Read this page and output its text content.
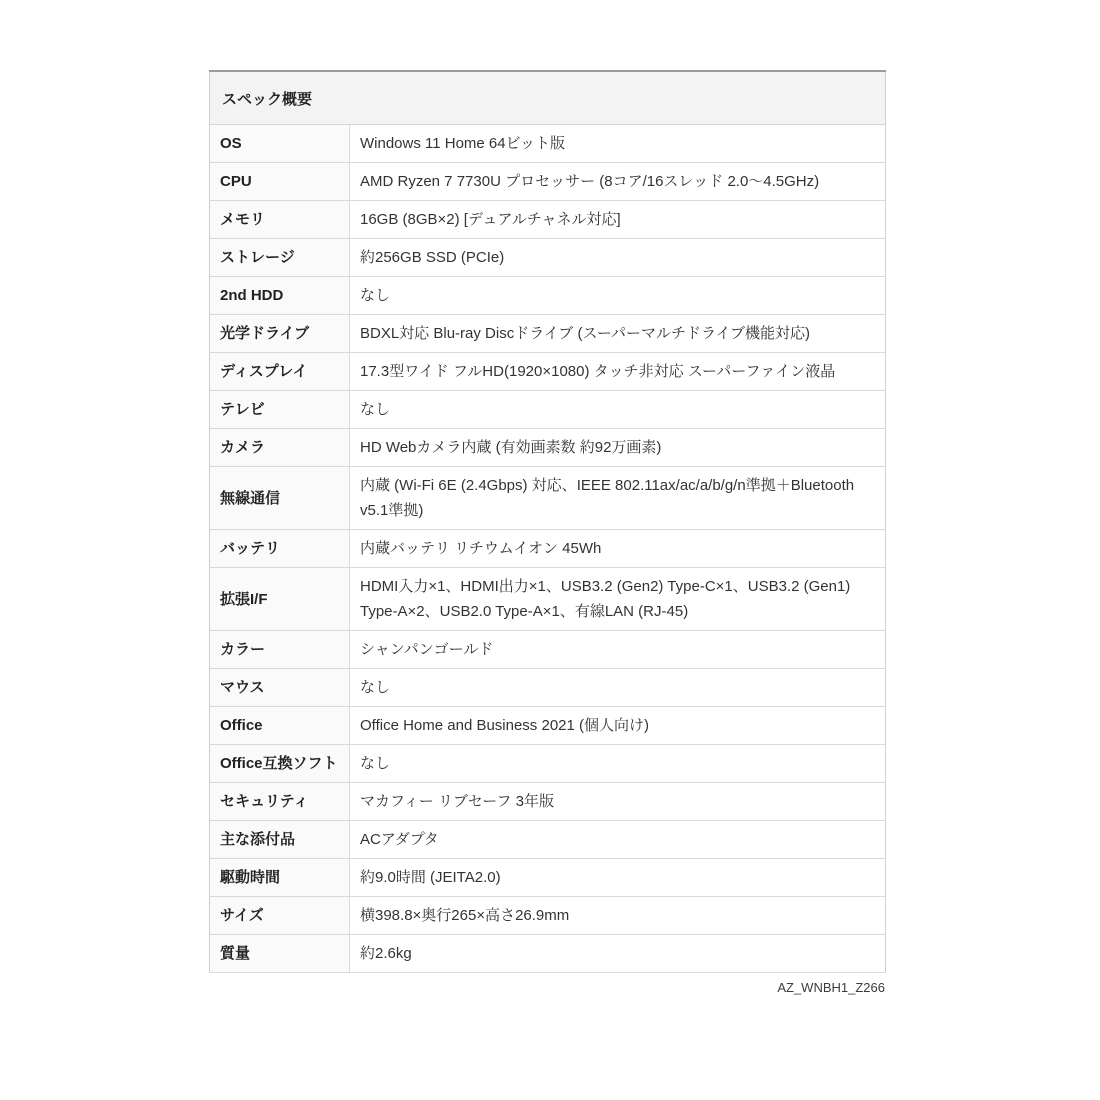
スペック概要	
OS	Windows 11 Home 64ビット版
CPU	AMD Ryzen 7 7730U プロセッサー (8コア/16スレッド 2.0～4.5GHz)
メモリ	16GB (8GB×2) [デュアルチャネル対応]
ストレージ	約256GB SSD (PCIe)
2nd HDD	なし
光学ドライブ	BDXL対応 Blu-ray Discドライブ (スーパーマルチドライブ機能対応)
ディスプレイ	17.3型ワイド フルHD(1920×1080) タッチ非対応 スーパーファイン液晶
テレビ	なし
カメラ	HD Webカメラ内蔵 (有効画素数 約92万画素)
無線通信	内蔵 (Wi-Fi 6E (2.4Gbps) 対応、IEEE 802.11ax/ac/a/b/g/n準拠＋Bluetooth v5.1準拠)
バッテリ	内蔵バッテリ リチウムイオン 45Wh
拡張I/F	HDMI入力×1、HDMI出力×1、USB3.2 (Gen2) Type-C×1、USB3.2 (Gen1) Type-A×2、USB2.0 Type-A×1、有線LAN (RJ-45)
カラー	シャンパンゴールド
マウス	なし
Office	Office Home and Business 2021 (個人向け)
Office互換ソフト	なし
セキュリティ	マカフィー リブセーフ 3年版
主な添付品	ACアダプタ
駆動時間	約9.0時間 (JEITA2.0)
サイズ	横398.8×奥行265×高さ26.9mm
質量	約2.6kg
AZ_WNBH1_Z266
